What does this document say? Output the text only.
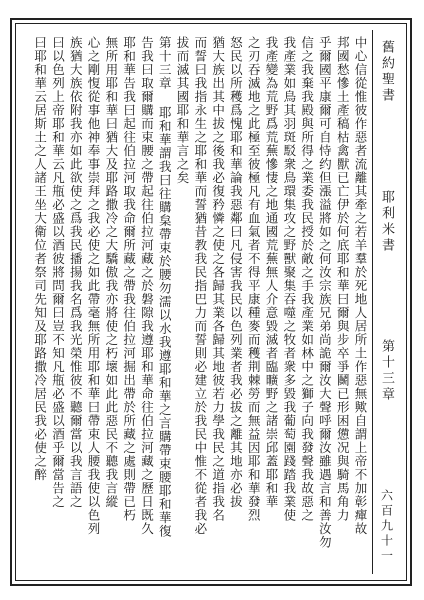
舊約聖書
耶利米書
第十三章
六百九十一
中心信從惟彼作惡者流離其牽之若羊羣於死地人居所土作惡無歟自謂上帝不加彰癉故
邦國愁慘土產稿枯禽獸已亡伊於何底耶和華曰爾與步卒爭鬭已形困憊况與騎馬角力
乎爾國平康爾可自恃约但漲溢將如之何汝宗族兄弟尚詭爾汝大聲呼爾汝雖遇言和善汝勿
信之我棄我殿與所得之業委我民授於敵之手我產業如林中之獅子向我發聲我故惡之
我產業如鳥其羽斑駁衆鳥環集攻之野獸聚集吞噬之牧者衆多毀我葡萄園踐踏我業使
我產變為荒野爲荒蕪慘悽之地通國荒蕪無人介意毀滅者臨曠野之諸崇邱蓋耶和華
之刃吞滅地之此極至彼極凡有血氣者不得平康種麥而穫荆棘勞而無益因耶和華發烈
怒民以所穫爲愧耶和華論我惡鄰曰凡侵害我民以色列業者我必拔之離其地亦必拔
猶大族出其中拔之後我必復矜憐之使之各歸其業各歸其地彼若力學我民之道指我名
而誓曰我指永生之耶和華而誓猶昔教我民指巴力而誓則必建立於我民中惟不從者我必
拔而滅其國耶和華言之矣
第十三章 耶和華謂我曰往購枲帶束於腰勿濡以水我遵耶和華之言購帶束腰耶和華復
告我曰取爾購而束腰之帶起往伯拉河藏之於磐隙我遵耶和華命往伯拉河藏之歷日既久
耶和華告我曰起往伯拉河取我命爾所藏之帶我往伯拉河掘出帶於所藏之處則帶已朽
無所用耶和華曰猶大及耶路撒冷之大驕傲我亦將使之朽壞如此此惡民不聽我言縱
心之剛愎從事他神奉事崇拜之我必使之如此帶毫無所用耶和華曰帶束人腰我使以色列
族猶大族依附我亦如此欲使之爲我民播揚我名爲我光榮惟彼不聽爾當以我言語之
曰以色列上帝耶和華云凡甁必盛以酒彼將問爾曰豈不知凡甁必盛以酒乎爾當告之
曰耶和華云居斯土之人諸王坐大衛位者祭司先知及耶路撒冷居民我必使之醉
